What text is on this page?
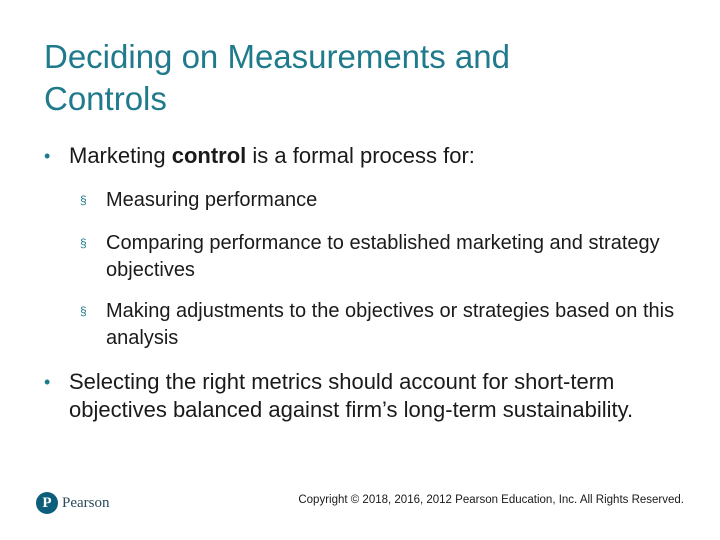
Deciding on Measurements and
Controls
• Marketing control is a formal process for:
§ Measuring performance
§ Comparing performance to established marketing and strategy objectives
§ Making adjustments to the objectives or strategies based on this analysis
• Selecting the right metrics should account for short-term objectives balanced against firm’s long-term sustainability.
P Pearson	Copyright © 2018, 2016, 2012 Pearson Education, Inc. All Rights Reserved.
